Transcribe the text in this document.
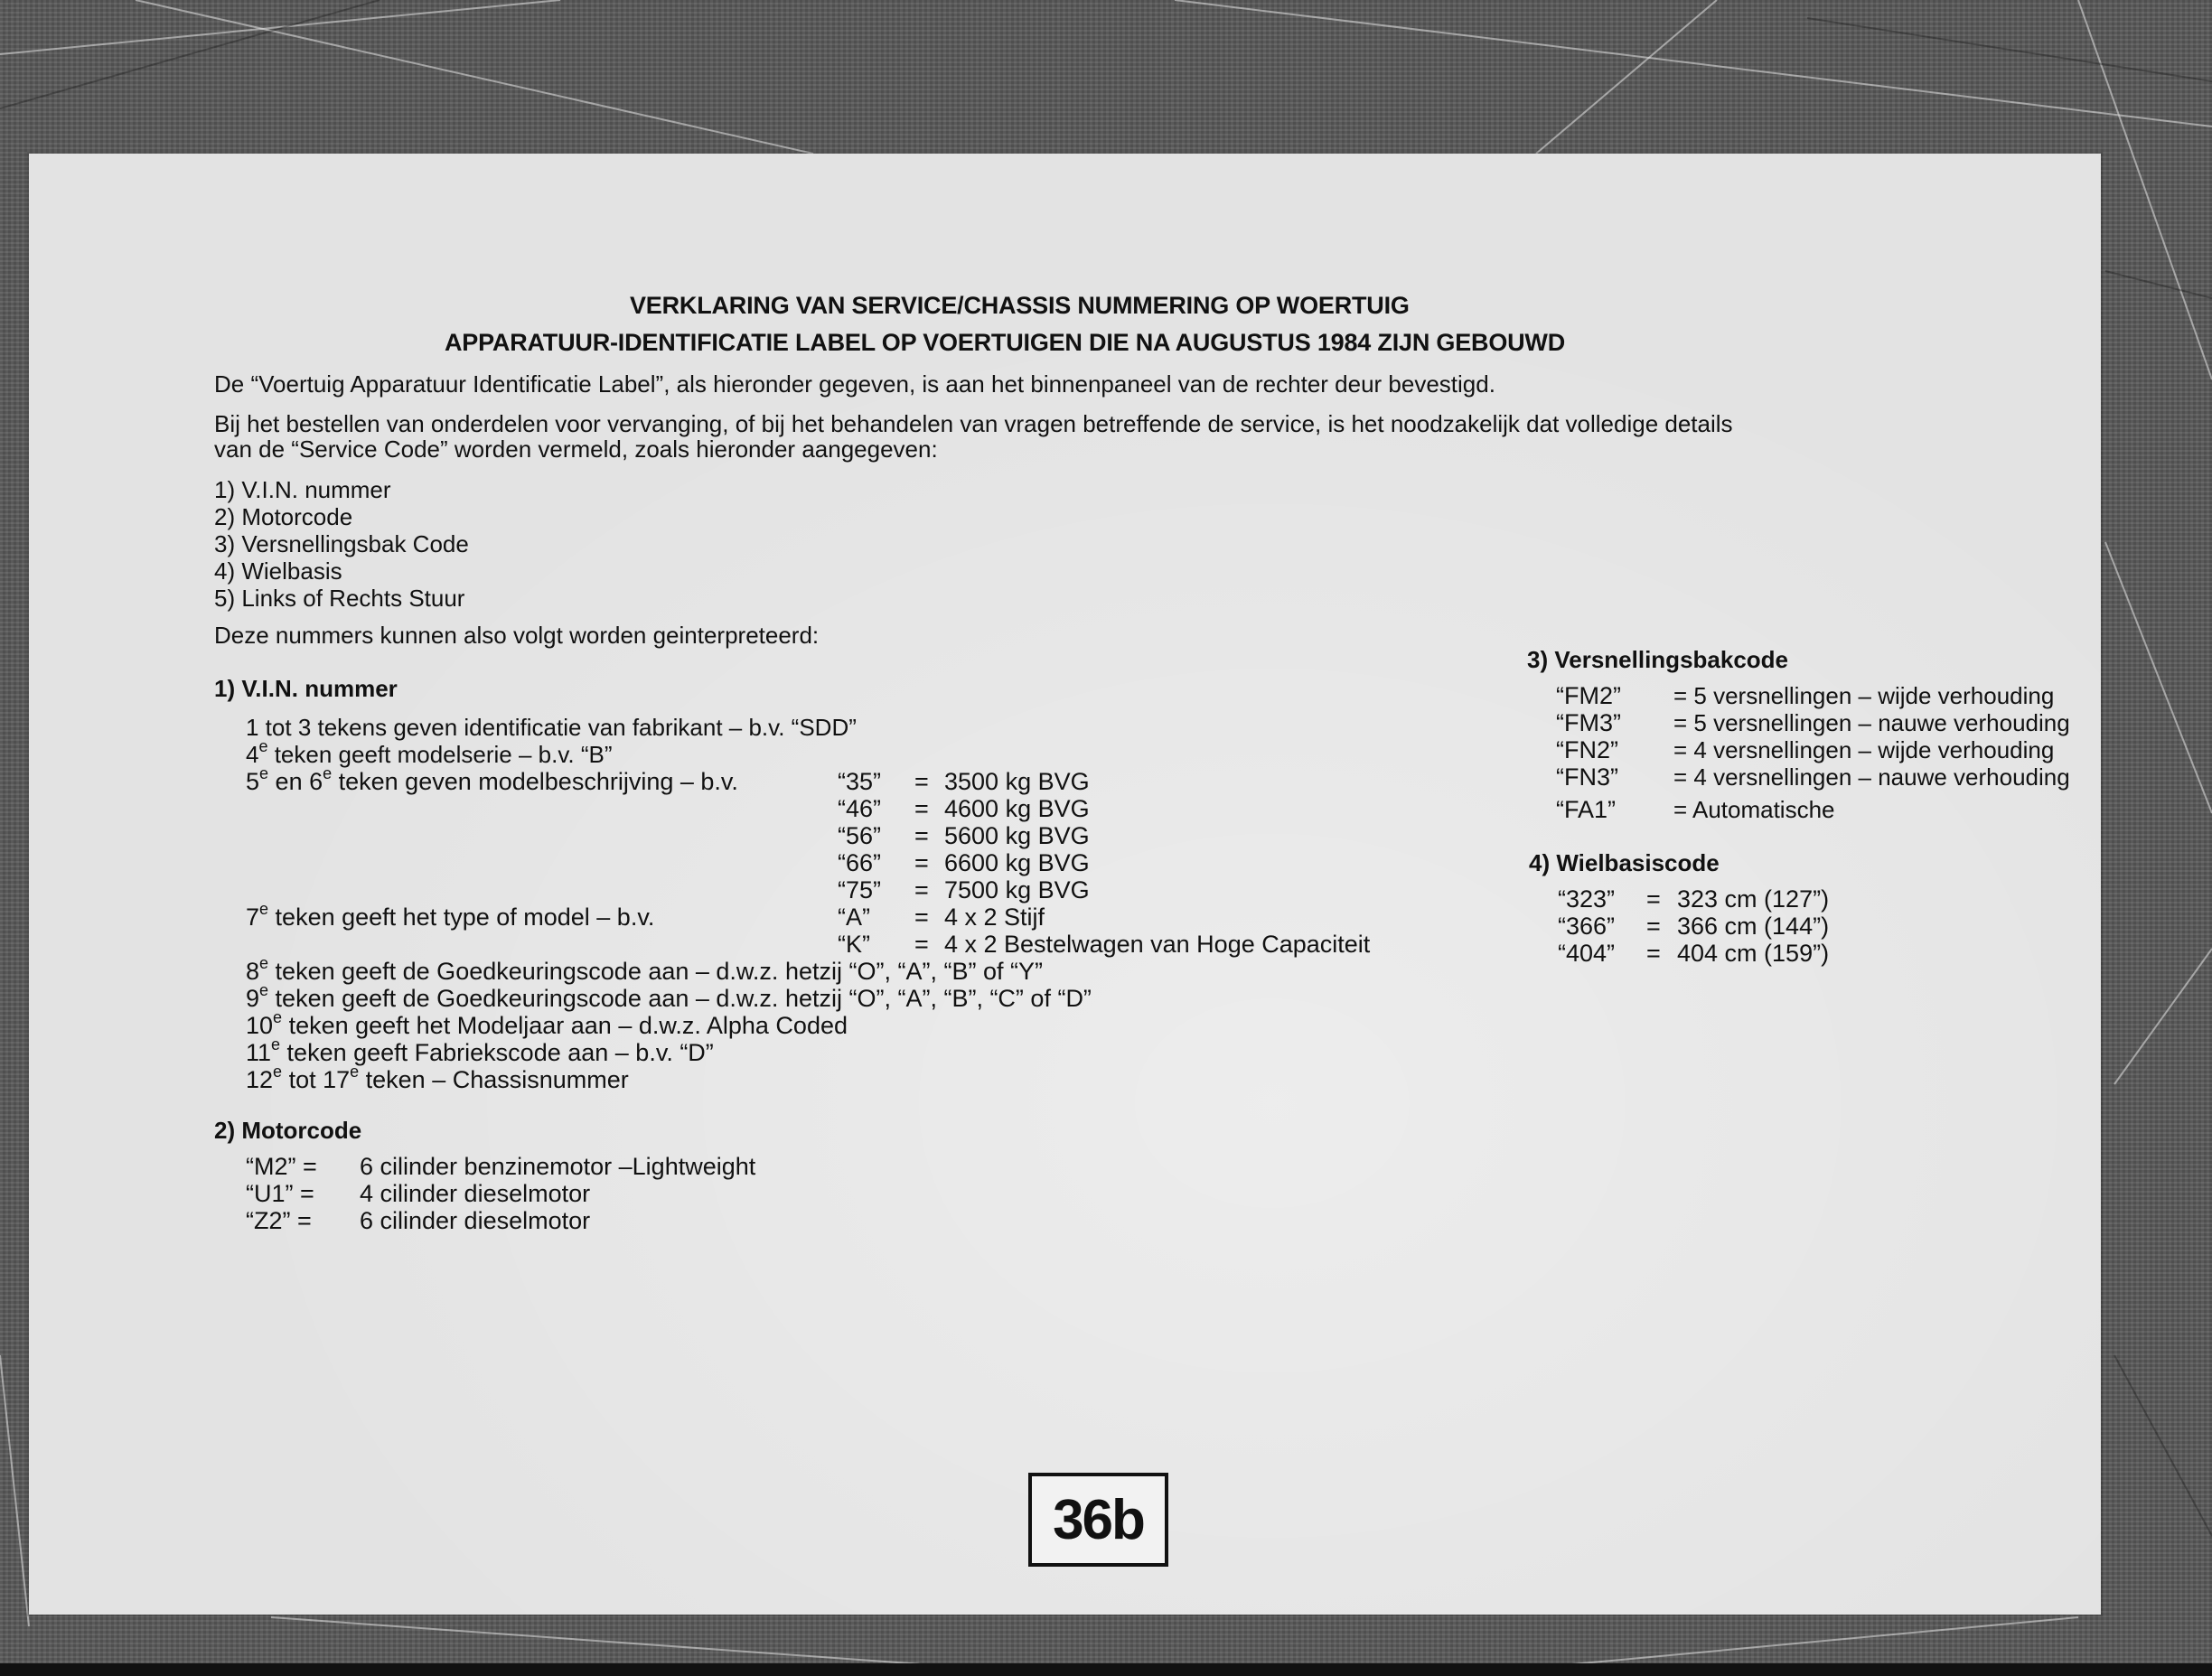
VERKLARING VAN SERVICE/CHASSIS NUMMERING OP WOERTUIG
APPARATUUR-IDENTIFICATIE LABEL OP VOERTUIGEN DIE NA AUGUSTUS 1984 ZIJN GEBOUWD
De “Voertuig Apparatuur Identificatie Label”, als hieronder gegeven, is aan het binnenpaneel van de rechter deur bevestigd.
Bij het bestellen van onderdelen voor vervanging, of bij het behandelen van vragen betreffende de service, is het noodzakelijk dat volledige details
van de “Service Code” worden vermeld, zoals hieronder aangegeven:
1) V.I.N. nummer
2) Motorcode
3) Versnellingsbak Code
4) Wielbasis
5) Links of Rechts Stuur
Deze nummers kunnen also volgt worden geinterpreteerd:
1) V.I.N. nummer
1 tot 3 tekens geven identificatie van fabrikant – b.v. “SDD”
4e teken geeft modelserie – b.v. “B”
5e en 6e teken geven modelbeschrijving – b.v.	“35”
“46”
“56”
“66”
“75”
=
=
=
=
=
3500 kg BVG
4600 kg BVG
5600 kg BVG
6600 kg BVG
7500 kg BVG
7e teken geeft het type of model – b.v.	“A”
“K”
=
=
4 x 2 Stijf
4 x 2 Bestelwagen van Hoge Capaciteit
8e teken geeft de Goedkeuringscode aan – d.w.z. hetzij “O”, “A”, “B” of “Y”
9e teken geeft de Goedkeuringscode aan – d.w.z. hetzij “O”, “A”, “B”, “C” of “D”
10e teken geeft het Modeljaar aan – d.w.z. Alpha Coded
11e teken geeft Fabriekscode aan – b.v. “D”
12e tot 17e teken – Chassisnummer
2) Motorcode
“M2” =
“U1” =
“Z2” =
6 cilinder benzinemotor –Lightweight
4 cilinder dieselmotor
6 cilinder dieselmotor
3) Versnellingsbakcode
“FM2”
“FM3”
“FN2”
“FN3”
“FA1”
= 5 versnellingen – wijde verhouding
= 5 versnellingen – nauwe verhouding
= 4 versnellingen – wijde verhouding
= 4 versnellingen – nauwe verhouding
= Automatische
4) Wielbasiscode
“323”
“366”
“404”
=
=
=
323 cm (127”)
366 cm (144”)
404 cm (159”)
36b
